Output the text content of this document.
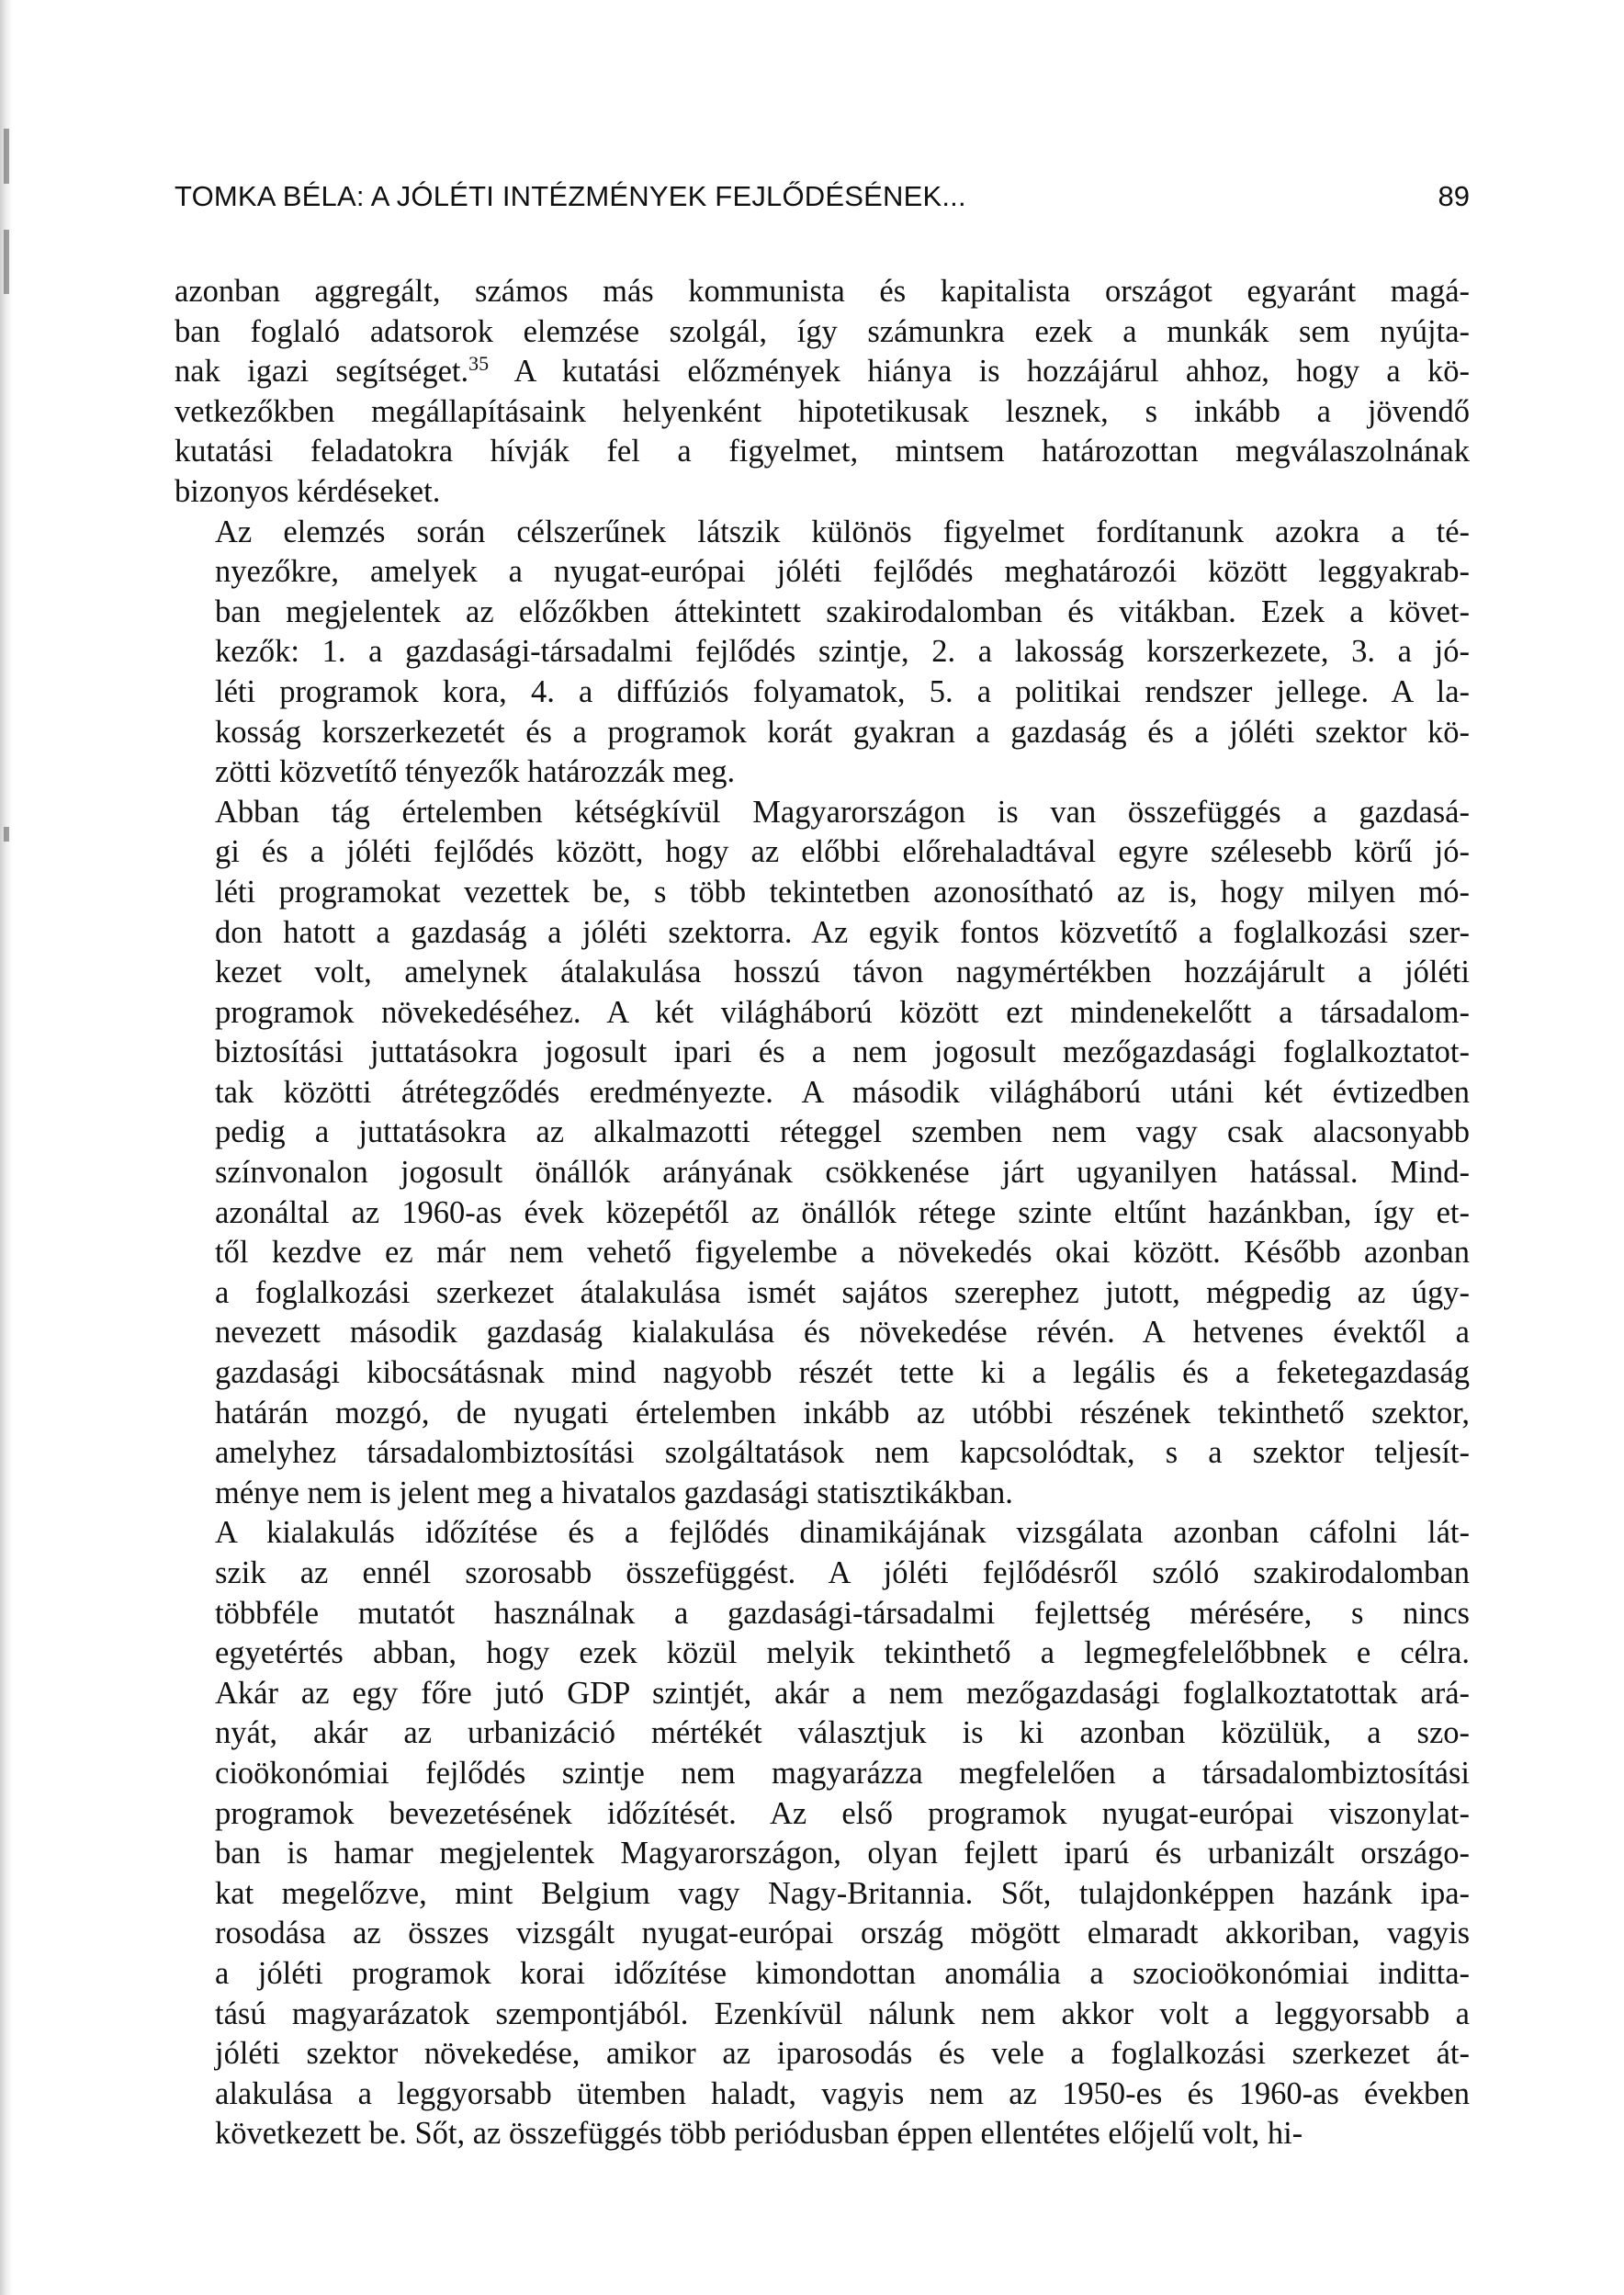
TOMKA BÉLA: A JÓLÉTI INTÉZMÉNYEK FEJLŐDÉSÉNEK...	89

azonban aggregált, számos más kommunista és kapitalista országot egyaránt magá-
ban foglaló adatsorok elemzése szolgál, így számunkra ezek a munkák sem nyújta-
nak igazi segítséget.$^{35}$ A kutatási előzmények hiánya is hozzájárul ahhoz, hogy a kö-
vetkezőkben megállapításaink helyenként hipotetikusak lesznek, s inkább a jövendő
kutatási feladatokra hívják fel a figyelmet, mintsem határozottan megválaszolnának
bizonyos kérdéseket.

Az elemzés során célszerűnek látszik különös figyelmet fordítanunk azokra a té-
nyezőkre, amelyek a nyugat-európai jóléti fejlődés meghatározói között leggyakrab-
ban megjelentek az előzőkben áttekintett szakirodalomban és vitákban. Ezek a követ-
kezők: 1. a gazdasági-társadalmi fejlődés szintje, 2. a lakosság korszerkezete, 3. a jó-
léti programok kora, 4. a diffúziós folyamatok, 5. a politikai rendszer jellege. A la-
kosság korszerkezetét és a programok korát gyakran a gazdaság és a jóléti szektor kö-
zötti közvetítő tényezők határozzák meg.

Abban tág értelemben kétségkívül Magyarországon is van összefüggés a gazdasá-
gi és a jóléti fejlődés között, hogy az előbbi előrehaladtával egyre szélesebb körű jó-
léti programokat vezettek be, s több tekintetben azonosítható az is, hogy milyen mó-
don hatott a gazdaság a jóléti szektorra. Az egyik fontos közvetítő a foglalkozási szer-
kezet volt, amelynek átalakulása hosszú távon nagymértékben hozzájárult a jóléti
programok növekedéséhez. A két világháború között ezt mindenekelőtt a társadalom-
biztosítási juttatásokra jogosult ipari és a nem jogosult mezőgazdasági foglalkoztatot-
tak közötti átrétegződés eredményezte. A második világháború utáni két évtizedben
pedig a juttatásokra az alkalmazotti réteggel szemben nem vagy csak alacsonyabb
színvonalon jogosult önállók arányának csökkenése járt ugyanilyen hatással. Mind-
azonáltal az 1960-as évek közepétől az önállók rétege szinte eltűnt hazánkban, így et-
től kezdve ez már nem vehető figyelembe a növekedés okai között. Később azonban
a foglalkozási szerkezet átalakulása ismét sajátos szerephez jutott, mégpedig az úgy-
nevezett második gazdaság kialakulása és növekedése révén. A hetvenes évektől a
gazdasági kibocsátásnak mind nagyobb részét tette ki a legális és a feketegazdaság
határán mozgó, de nyugati értelemben inkább az utóbbi részének tekinthető szektor,
amelyhez társadalombiztosítási szolgáltatások nem kapcsolódtak, s a szektor teljesít-
ménye nem is jelent meg a hivatalos gazdasági statisztikákban.

A kialakulás időzítése és a fejlődés dinamikájának vizsgálata azonban cáfolni lát-
szik az ennél szorosabb összefüggést. A jóléti fejlődésről szóló szakirodalomban
többféle mutatót használnak a gazdasági-társadalmi fejlettség mérésére, s nincs
egyetértés abban, hogy ezek közül melyik tekinthető a legmegfelelőbbnek e célra.
Akár az egy főre jutó GDP szintjét, akár a nem mezőgazdasági foglalkoztatottak ará-
nyát, akár az urbanizáció mértékét választjuk is ki azonban közülük, a szo-
cioökonómiai fejlődés szintje nem magyarázza megfelelően a társadalombiztosítási
programok bevezetésének időzítését. Az első programok nyugat-európai viszonylat-
ban is hamar megjelentek Magyarországon, olyan fejlett iparú és urbanizált országo-
kat megelőzve, mint Belgium vagy Nagy-Britannia. Sőt, tulajdonképpen hazánk ipa-
rosodása az összes vizsgált nyugat-európai ország mögött elmaradt akkoriban, vagyis
a jóléti programok korai időzítése kimondottan anomália a szocioökonómiai inditta-
tású magyarázatok szempontjából. Ezenkívül nálunk nem akkor volt a leggyorsabb a
jóléti szektor növekedése, amikor az iparosodás és vele a foglalkozási szerkezet át-
alakulása a leggyorsabb ütemben haladt, vagyis nem az 1950-es és 1960-as években
következett be. Sőt, az összefüggés több periódusban éppen ellentétes előjelű volt, hi-
